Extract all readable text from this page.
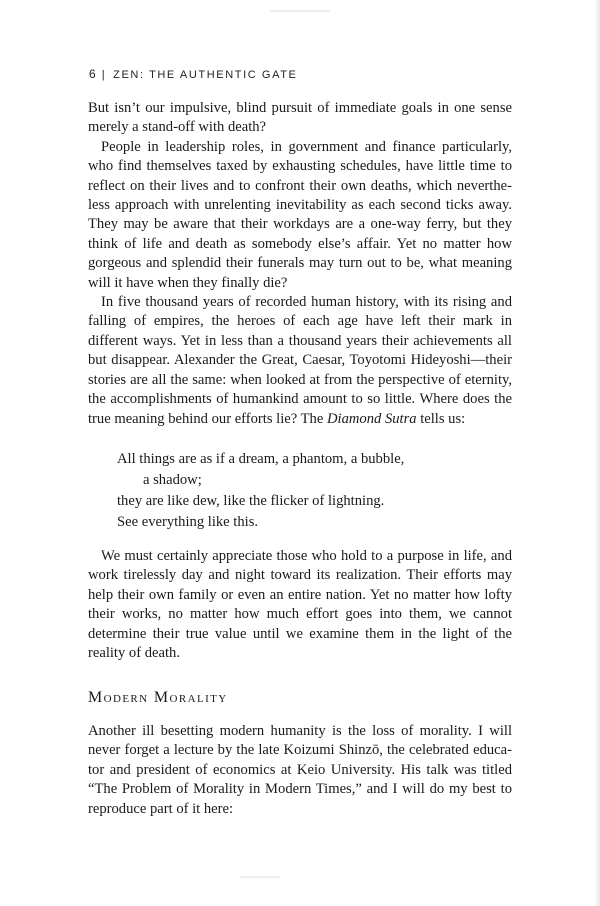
6 | ZEN: THE AUTHENTIC GATE

But isn’t our impulsive, blind pursuit of immediate goals in one sense merely a stand-off with death?

People in leadership roles, in government and finance particularly, who find themselves taxed by exhausting schedules, have little time to reflect on their lives and to confront their own deaths, which nevertheless approach with unrelenting inevitability as each second ticks away. They may be aware that their workdays are a one-way ferry, but they think of life and death as somebody else’s affair. Yet no matter how gorgeous and splendid their funerals may turn out to be, what meaning will it have when they finally die?

In five thousand years of recorded human history, with its rising and falling of empires, the heroes of each age have left their mark in different ways. Yet in less than a thousand years their achievements all but disappear. Alexander the Great, Caesar, Toyotomi Hideyoshi—their stories are all the same: when looked at from the perspective of eternity, the accomplishments of humankind amount to so little. Where does the true meaning behind our efforts lie? The Diamond Sutra tells us:

All things are as if a dream, a phantom, a bubble,
a shadow;
they are like dew, like the flicker of lightning.
See everything like this.

We must certainly appreciate those who hold to a purpose in life, and work tirelessly day and night toward its realization. Their efforts may help their own family or even an entire nation. Yet no matter how lofty their works, no matter how much effort goes into them, we cannot determine their true value until we examine them in the light of the reality of death.

Modern Morality

Another ill besetting modern humanity is the loss of morality. I will never forget a lecture by the late Koizumi Shinzō, the celebrated educator and president of economics at Keio University. His talk was titled “The Problem of Morality in Modern Times,” and I will do my best to reproduce part of it here:
